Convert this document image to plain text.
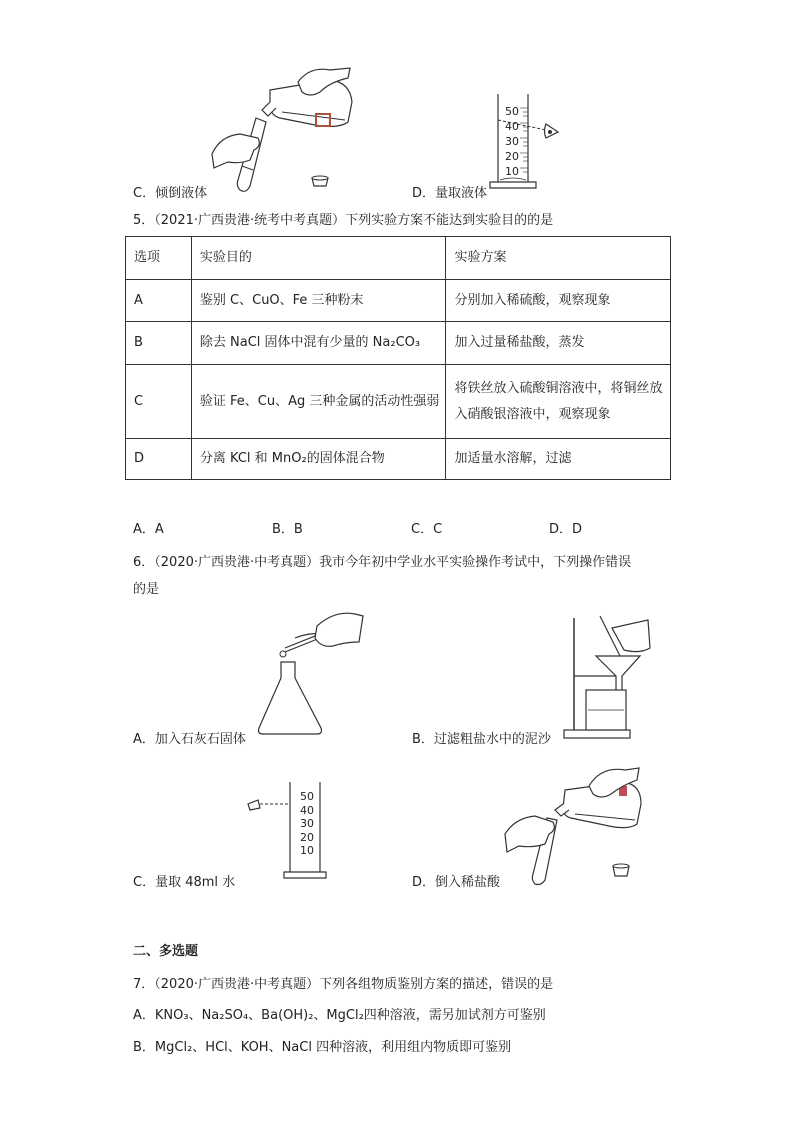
C．倾倒液体
50
40
30
20
10
D．量取液体
5．（2021·广西贵港·统考中考真题）下列实验方案不能达到实验目的的是
选项	实验目的	实验方案
A	鉴别 C、CuO、Fe 三种粉末	分别加入稀硫酸，观察现象
B	除去 NaCl 固体中混有少量的 Na₂CO₃	加入过量稀盐酸，蒸发
C	验证 Fe、Cu、Ag 三种金属的活动性强弱	将铁丝放入硫酸铜溶液中，将铜丝放入硝酸银溶液中，观察现象
D	分离 KCl 和 MnO₂的固体混合物	加适量水溶解，过滤
A．A	B．B	C．C	D．D
6．（2020·广西贵港·中考真题）我市今年初中学业水平实验操作考试中，下列操作错误
的是
A．加入石灰石固体	B．过滤粗盐水中的泥沙
50
40
30
20
10
C．量取 48ml 水	D．倒入稀盐酸
二、多选题
7．（2020·广西贵港·中考真题）下列各组物质鉴别方案的描述，错误的是
A．KNO₃、Na₂SO₄、Ba(OH)₂、MgCl₂四种溶液，需另加试剂方可鉴别
B．MgCl₂、HCl、KOH、NaCl 四种溶液，利用组内物质即可鉴别
